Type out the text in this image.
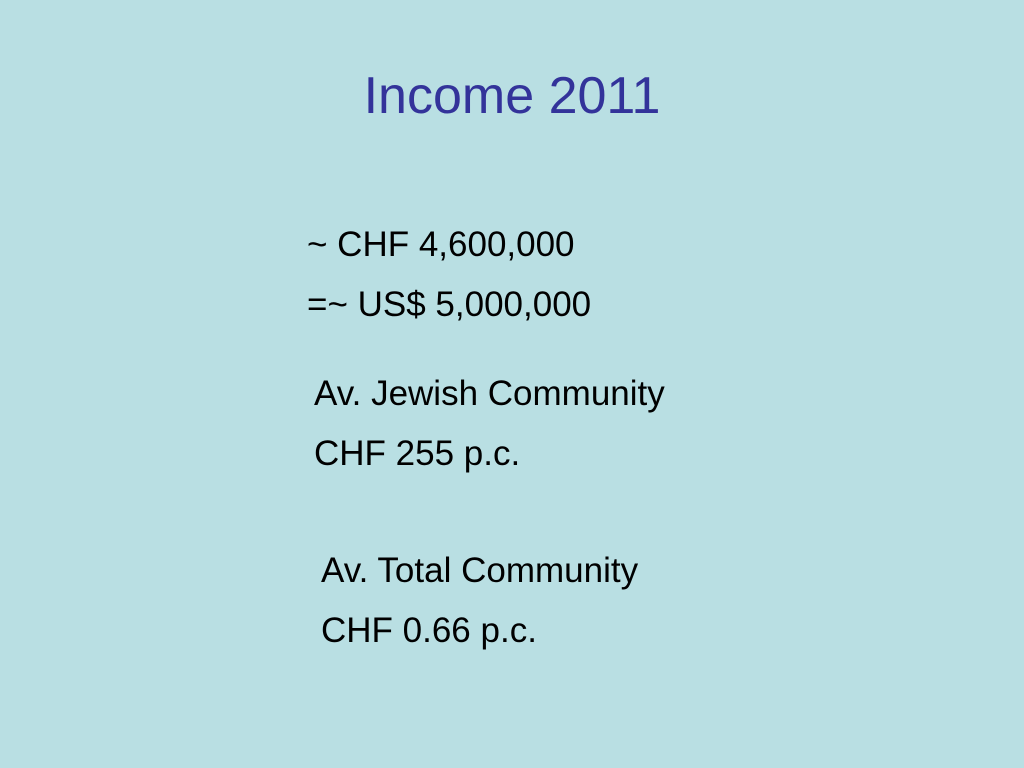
Income 2011
~ CHF 4,600,000
=~ US$ 5,000,000
Av. Jewish Community
CHF 255 p.c.
Av. Total Community
CHF 0.66 p.c.
